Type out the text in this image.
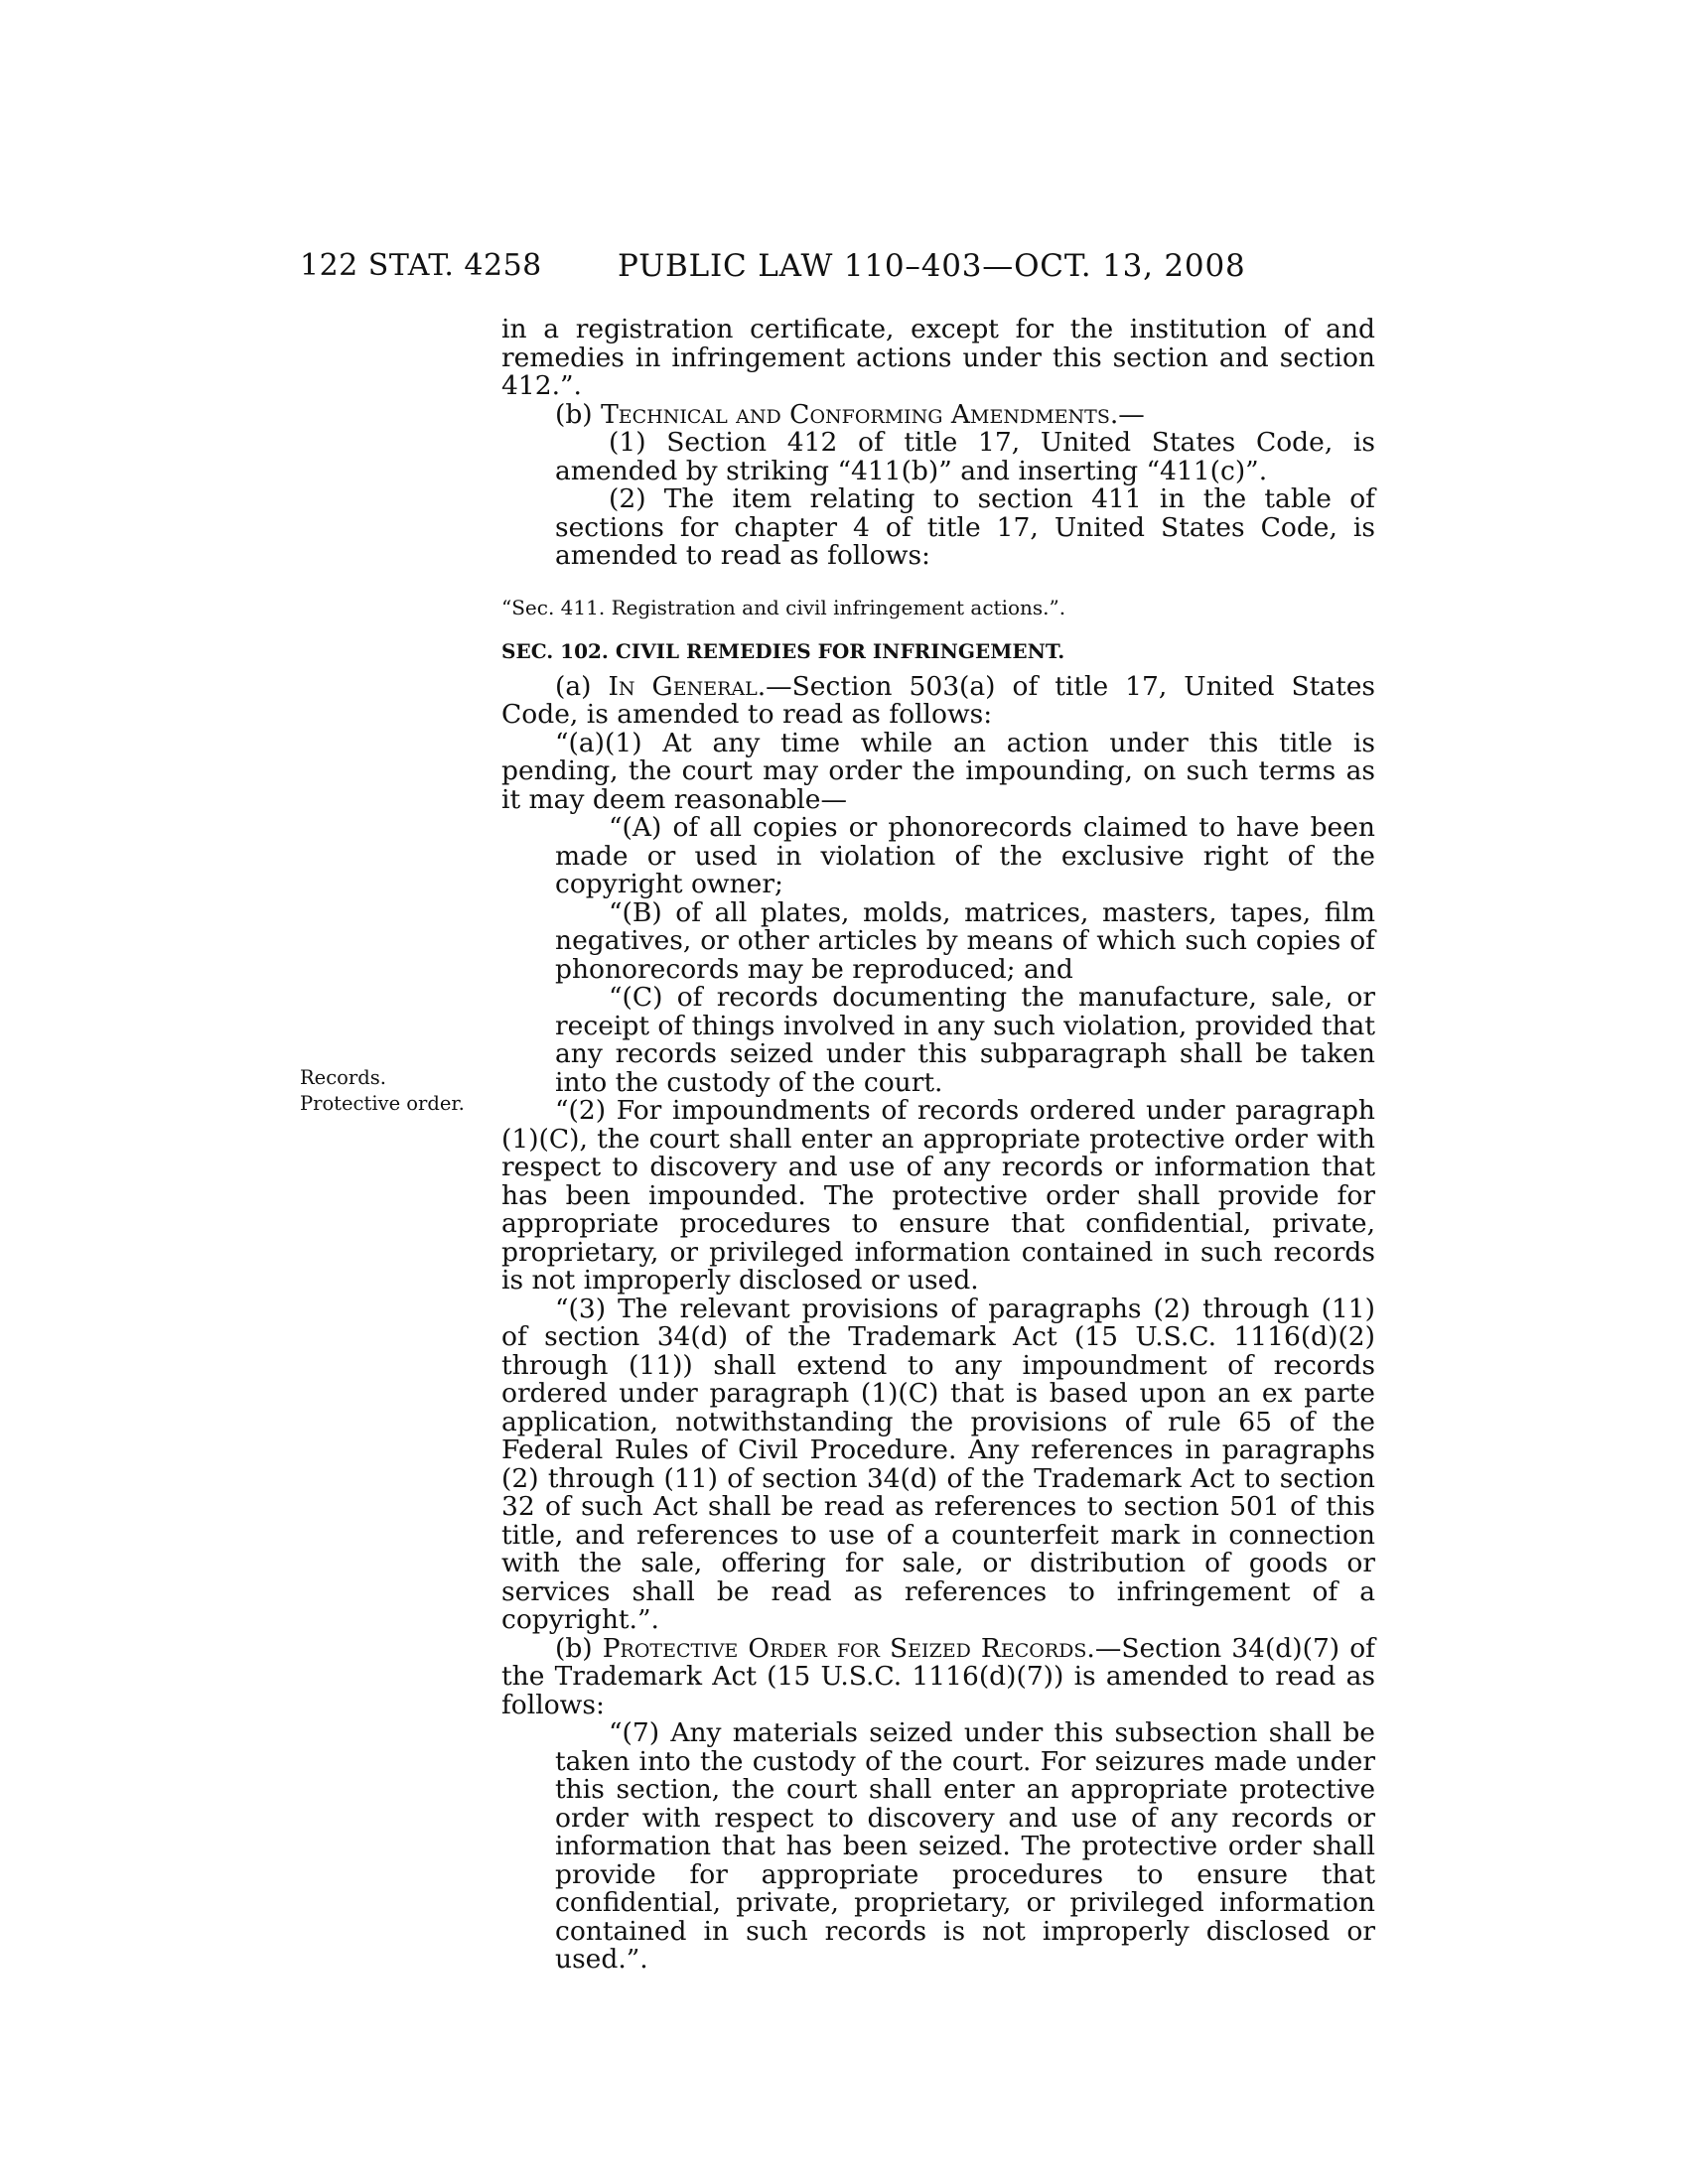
122 STAT. 4258 PUBLIC LAW 110–403—OCT. 13, 2008
Records.
Protective order.

in a registration certificate, except for the institution of and remedies in infringement actions under this section and section 412.”.

(b) Technical and Conforming Amendments.—

(1) Section 412 of title 17, United States Code, is amended by striking “411(b)” and inserting “411(c)”.

(2) The item relating to section 411 in the table of sections for chapter 4 of title 17, United States Code, is amended to read as follows:

“Sec. 411. Registration and civil infringement actions.”.

SEC. 102. CIVIL REMEDIES FOR INFRINGEMENT.

(a) In General.—Section 503(a) of title 17, United States Code, is amended to read as follows:

“(a)(1) At any time while an action under this title is pending, the court may order the impounding, on such terms as it may deem reasonable—

“(A) of all copies or phonorecords claimed to have been made or used in violation of the exclusive right of the copyright owner;

“(B) of all plates, molds, matrices, masters, tapes, film negatives, or other articles by means of which such copies of phonorecords may be reproduced; and

“(C) of records documenting the manufacture, sale, or receipt of things involved in any such violation, provided that any records seized under this subparagraph shall be taken into the custody of the court.

“(2) For impoundments of records ordered under paragraph (1)(C), the court shall enter an appropriate protective order with respect to discovery and use of any records or information that has been impounded. The protective order shall provide for appropriate procedures to ensure that confidential, private, proprietary, or privileged information contained in such records is not improperly disclosed or used.

“(3) The relevant provisions of paragraphs (2) through (11) of section 34(d) of the Trademark Act (15 U.S.C. 1116(d)(2) through (11)) shall extend to any impoundment of records ordered under paragraph (1)(C) that is based upon an ex parte application, notwithstanding the provisions of rule 65 of the Federal Rules of Civil Procedure. Any references in paragraphs (2) through (11) of section 34(d) of the Trademark Act to section 32 of such Act shall be read as references to section 501 of this title, and references to use of a counterfeit mark in connection with the sale, offering for sale, or distribution of goods or services shall be read as references to infringement of a copyright.”.

(b) Protective Order for Seized Records.—Section 34(d)(7) of the Trademark Act (15 U.S.C. 1116(d)(7)) is amended to read as follows:

“(7) Any materials seized under this subsection shall be taken into the custody of the court. For seizures made under this section, the court shall enter an appropriate protective order with respect to discovery and use of any records or information that has been seized. The protective order shall provide for appropriate procedures to ensure that confidential, private, proprietary, or privileged information contained in such records is not improperly disclosed or used.”.
